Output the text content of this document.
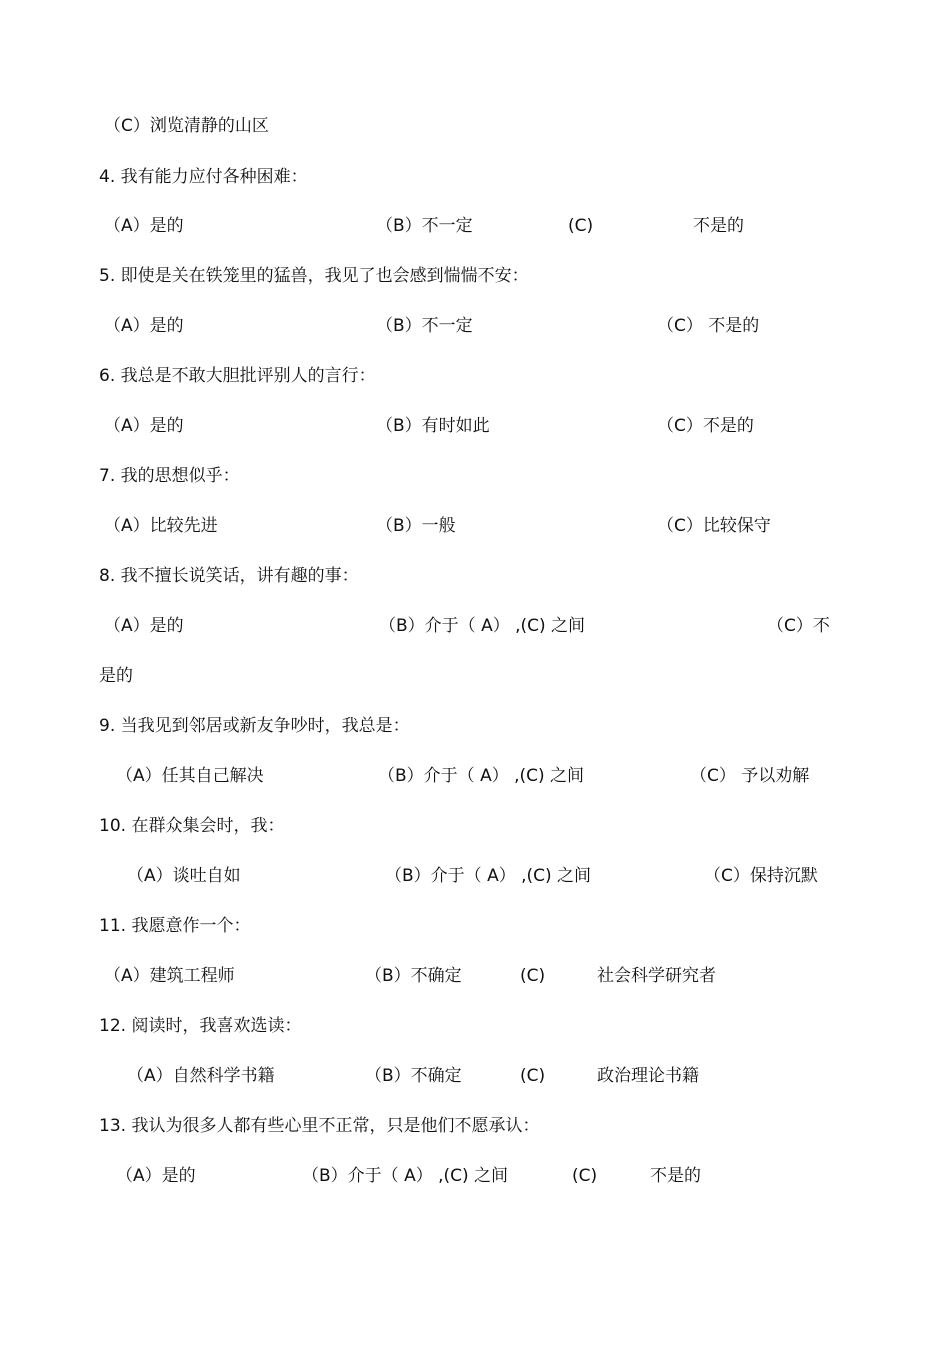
（C）浏览清静的山区
4. 我有能力应付各种困难：
（A）是的	（B）不一定	(C)	不是的
5. 即使是关在铁笼里的猛兽，我见了也会感到惴惴不安：
（A）是的	（B）不一定	（C） 不是的
6. 我总是不敢大胆批评别人的言行：
（A）是的	（B）有时如此	（C）不是的
7. 我的思想似乎：
（A）比较先进	（B）一般	（C）比较保守
8. 我不擅长说笑话，讲有趣的事：
（A）是的	（B）介于（ A） ,(C) 之间	（C）不
是的
9. 当我见到邻居或新友争吵时，我总是：
（A）任其自己解决	（B）介于（ A） ,(C) 之间	（C） 予以劝解
10. 在群众集会时，我：
（A）谈吐自如	（B）介于（ A） ,(C) 之间	（C）保持沉默
11. 我愿意作一个：
（A）建筑工程师	（B）不确定	(C)	社会科学研究者
12. 阅读时，我喜欢选读：
（A）自然科学书籍	（B）不确定	(C)	政治理论书籍
13. 我认为很多人都有些心里不正常，只是他们不愿承认：
（A）是的	（B）介于（ A） ,(C) 之间	(C)	不是的
